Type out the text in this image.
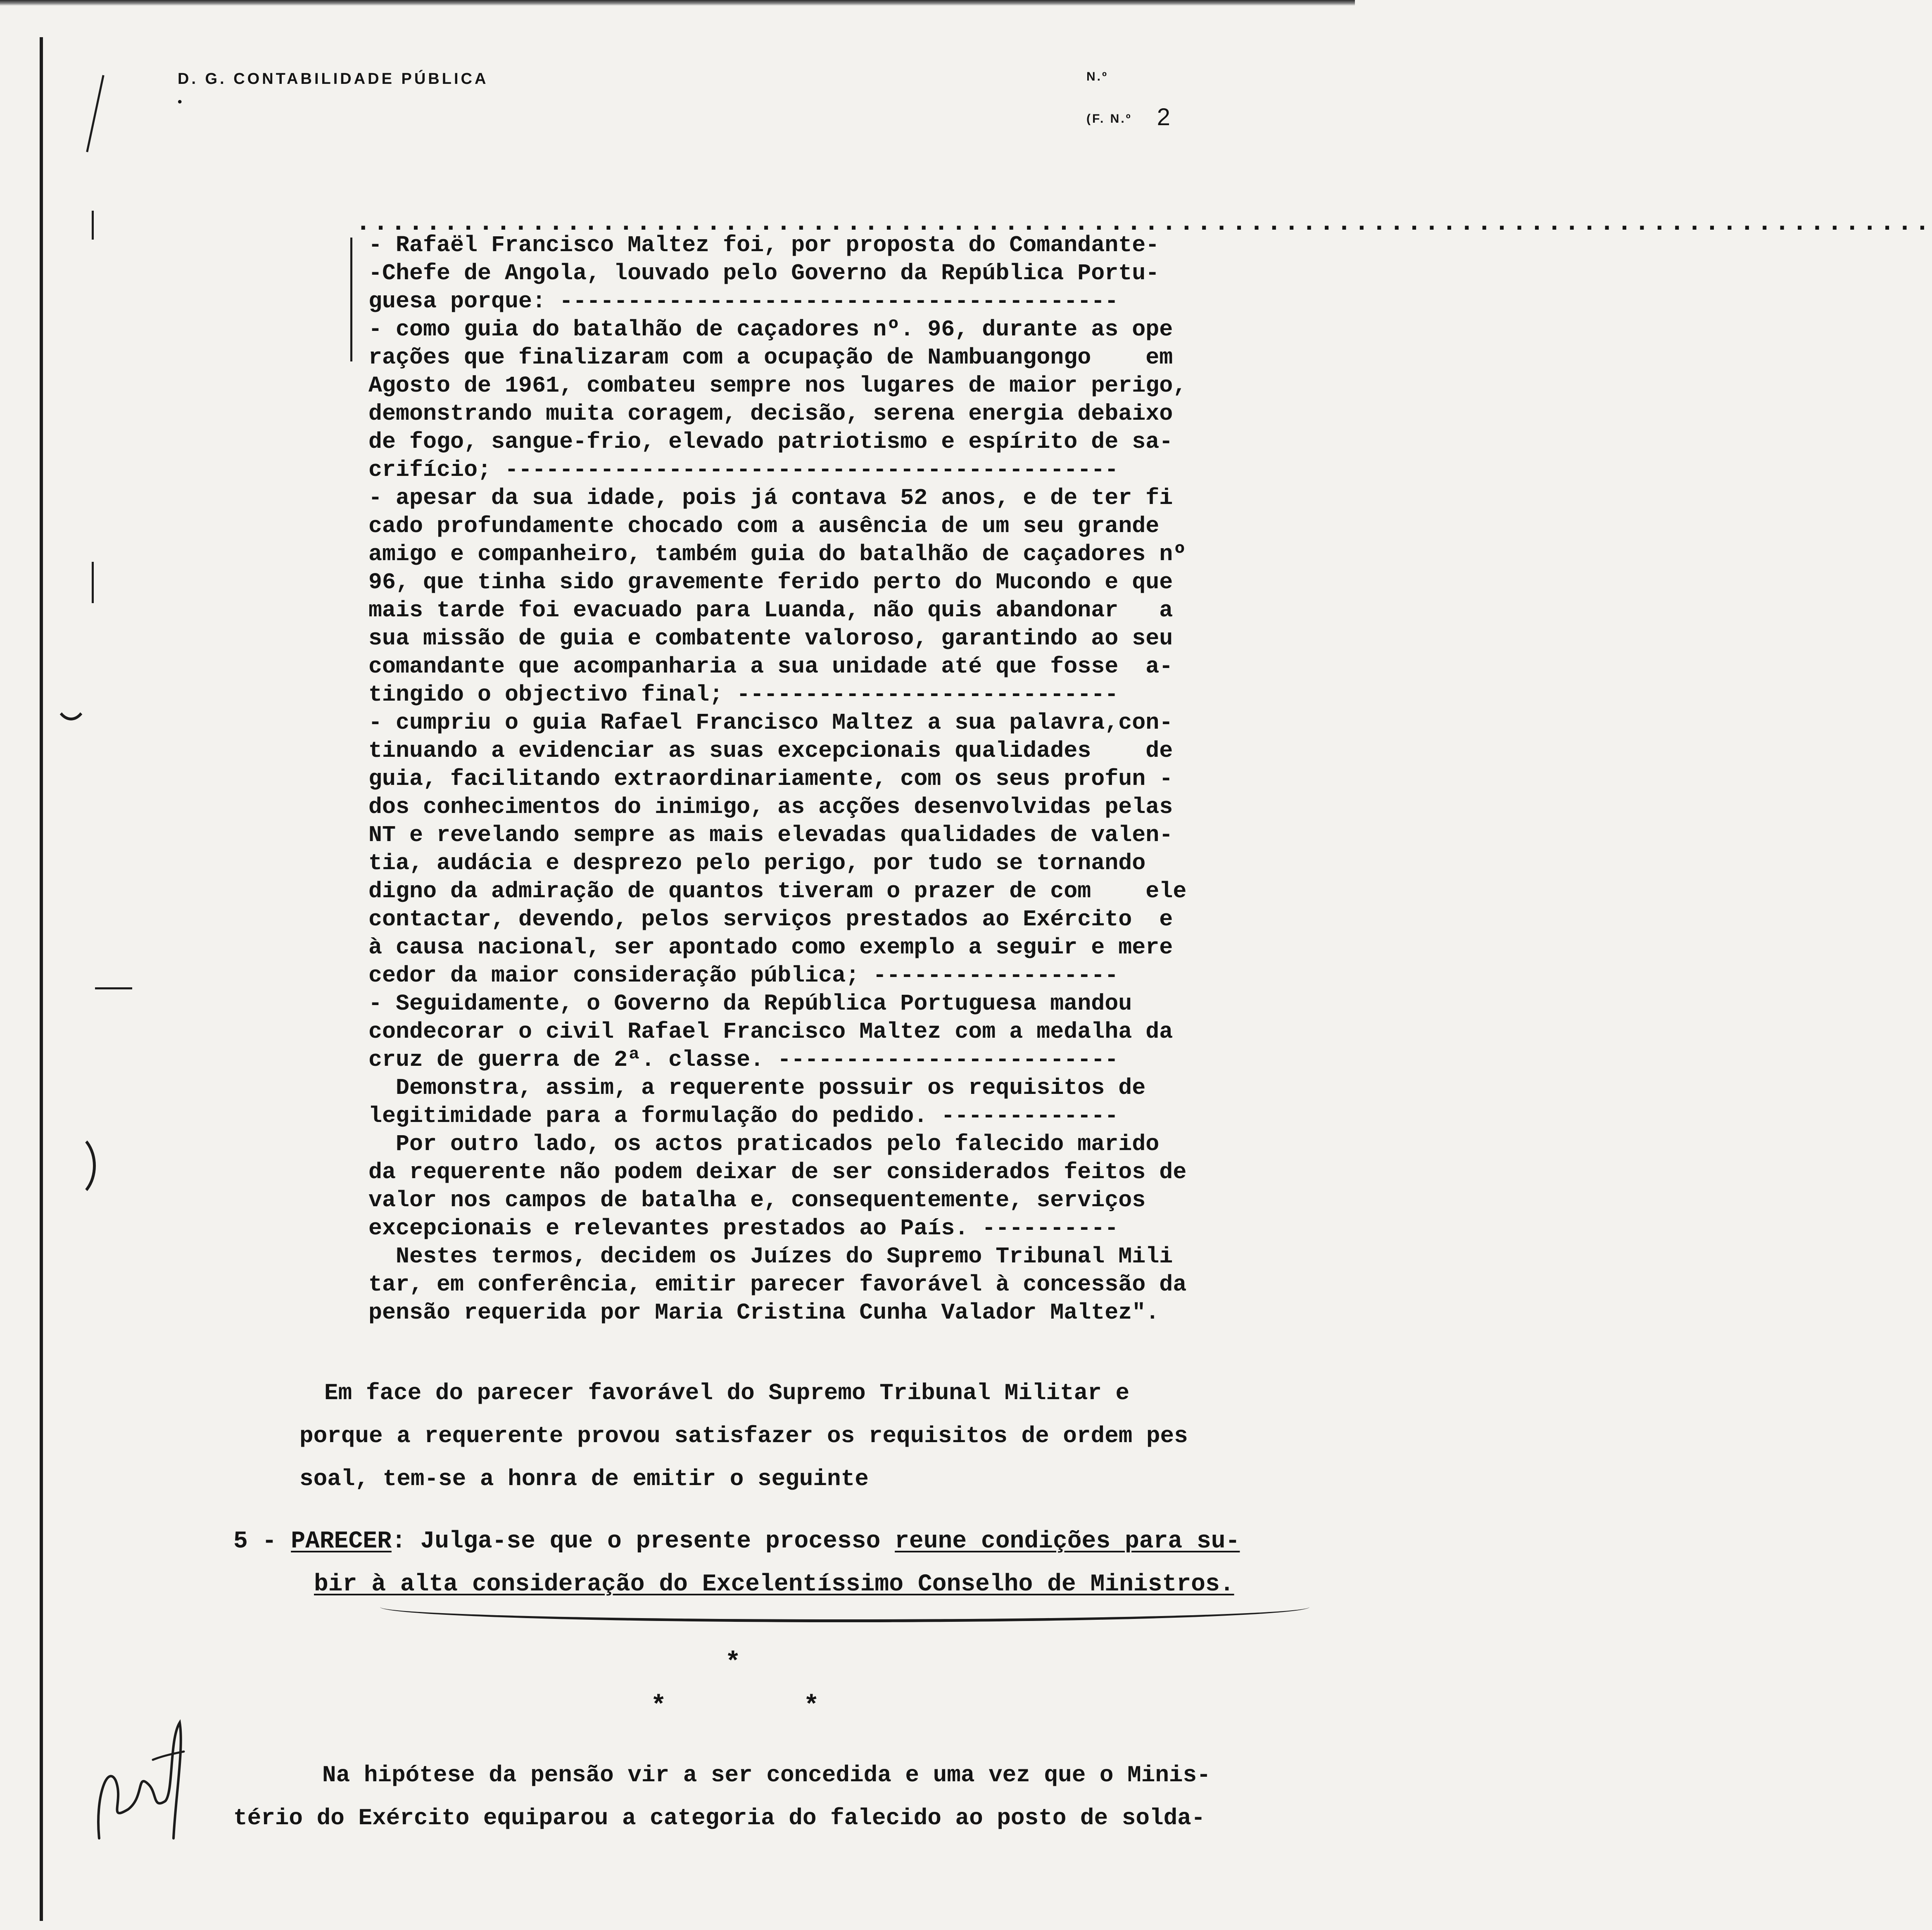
D. G. CONTABILIDADE PÚBLICA
•
N.º
(F. N.º 2
..........................................................................................
- Rafaël Francisco Maltez foi, por proposta do Comandante-
-Chefe de Angola, louvado pelo Governo da República Portu-
guesa porque: -----------------------------------------
- como guia do batalhão de caçadores nº. 96, durante as ope
rações que finalizaram com a ocupação de Nambuangongo    em
Agosto de 1961, combateu sempre nos lugares de maior perigo,
demonstrando muita coragem, decisão, serena energia debaixo
de fogo, sangue-frio, elevado patriotismo e espírito de sa-
crifício; ---------------------------------------------
- apesar da sua idade, pois já contava 52 anos, e de ter fi
cado profundamente chocado com a ausência de um seu grande
amigo e companheiro, também guia do batalhão de caçadores nº
96, que tinha sido gravemente ferido perto do Mucondo e que
mais tarde foi evacuado para Luanda, não quis abandonar   a
sua missão de guia e combatente valoroso, garantindo ao seu
comandante que acompanharia a sua unidade até que fosse  a-
tingido o objectivo final; ----------------------------
- cumpriu o guia Rafael Francisco Maltez a sua palavra,con-
tinuando a evidenciar as suas excepcionais qualidades    de
guia, facilitando extraordinariamente, com os seus profun -
dos conhecimentos do inimigo, as acções desenvolvidas pelas
NT e revelando sempre as mais elevadas qualidades de valen-
tia, audácia e desprezo pelo perigo, por tudo se tornando
digno da admiração de quantos tiveram o prazer de com    ele
contactar, devendo, pelos serviços prestados ao Exército  e
à causa nacional, ser apontado como exemplo a seguir e mere
cedor da maior consideração pública; ------------------
- Seguidamente, o Governo da República Portuguesa mandou
condecorar o civil Rafael Francisco Maltez com a medalha da
cruz de guerra de 2ª. classe. -------------------------
Demonstra, assim, a requerente possuir os requisitos de
legitimidade para a formulação do pedido. -------------
Por outro lado, os actos praticados pelo falecido marido
da requerente não podem deixar de ser considerados feitos de
valor nos campos de batalha e, consequentemente, serviços
excepcionais e relevantes prestados ao País. ----------
Nestes termos, decidem os Juízes do Supremo Tribunal Mili
tar, em conferência, emitir parecer favorável à concessão da
pensão requerida por Maria Cristina Cunha Valador Maltez".
Em face do parecer favorável do Supremo Tribunal Militar e
porque a requerente provou satisfazer os requisitos de ordem pes
soal, tem-se a honra de emitir o seguinte
5 - PARECER: Julga-se que o presente processo reune condições para su-
bir à alta consideração do Excelentíssimo Conselho de Ministros.
*
*	*
Na hipótese da pensão vir a ser concedida e uma vez que o Minis-
tério do Exército equiparou a categoria do falecido ao posto de solda-
